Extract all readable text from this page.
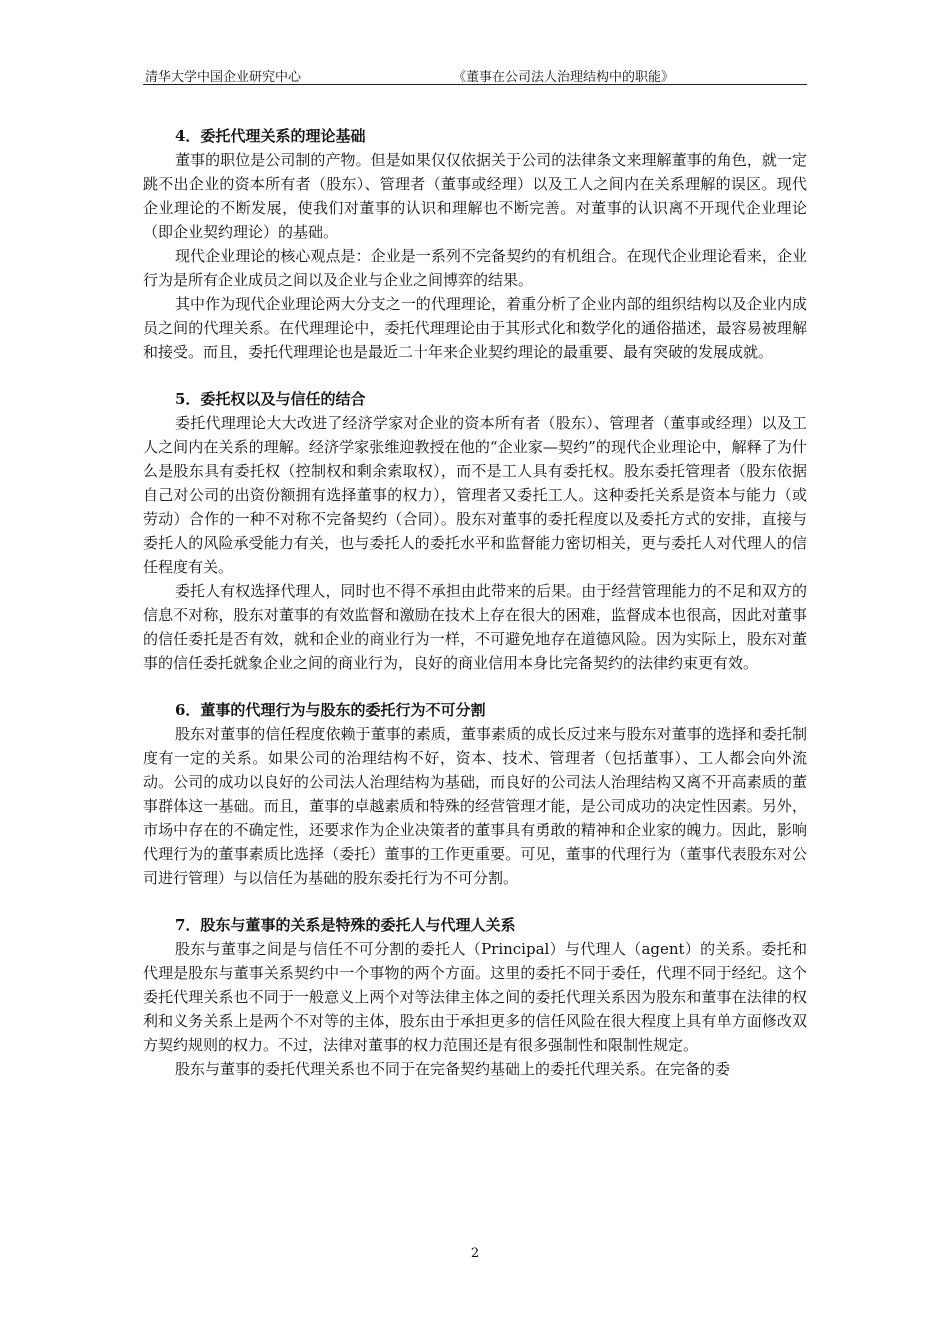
清华大学中国企业研究中心	《董事在公司法人治理结构中的职能》
4．委托代理关系的理论基础

董事的职位是公司制的产物。但是如果仅仅依据关于公司的法律条文来理解董事的角色，就一定跳不出企业的资本所有者（股东）、管理者（董事或经理）以及工人之间内在关系理解的误区。现代企业理论的不断发展，使我们对董事的认识和理解也不断完善。对董事的认识离不开现代企业理论（即企业契约理论）的基础。

现代企业理论的核心观点是：企业是一系列不完备契约的有机组合。在现代企业理论看来，企业行为是所有企业成员之间以及企业与企业之间博弈的结果。

其中作为现代企业理论两大分支之一的代理理论，着重分析了企业内部的组织结构以及企业内成员之间的代理关系。在代理理论中，委托代理理论由于其形式化和数学化的通俗描述，最容易被理解和接受。而且，委托代理理论也是最近二十年来企业契约理论的最重要、最有突破的发展成就。

5．委托权以及与信任的结合

委托代理理论大大改进了经济学家对企业的资本所有者（股东）、管理者（董事或经理）以及工人之间内在关系的理解。经济学家张维迎教授在他的“企业家—契约”的现代企业理论中，解释了为什么是股东具有委托权（控制权和剩余索取权），而不是工人具有委托权。股东委托管理者（股东依据自己对公司的出资份额拥有选择董事的权力），管理者又委托工人。这种委托关系是资本与能力（或劳动）合作的一种不对称不完备契约（合同）。股东对董事的委托程度以及委托方式的安排，直接与委托人的风险承受能力有关，也与委托人的委托水平和监督能力密切相关，更与委托人对代理人的信任程度有关。

委托人有权选择代理人，同时也不得不承担由此带来的后果。由于经营管理能力的不足和双方的信息不对称，股东对董事的有效监督和激励在技术上存在很大的困难，监督成本也很高，因此对董事的信任委托是否有效，就和企业的商业行为一样，不可避免地存在道德风险。因为实际上，股东对董事的信任委托就象企业之间的商业行为，良好的商业信用本身比完备契约的法律约束更有效。

6．董事的代理行为与股东的委托行为不可分割

股东对董事的信任程度依赖于董事的素质，董事素质的成长反过来与股东对董事的选择和委托制度有一定的关系。如果公司的治理结构不好，资本、技术、管理者（包括董事）、工人都会向外流动。公司的成功以良好的公司法人治理结构为基础，而良好的公司法人治理结构又离不开高素质的董事群体这一基础。而且，董事的卓越素质和特殊的经营管理才能，是公司成功的决定性因素。另外，市场中存在的不确定性，还要求作为企业决策者的董事具有勇敢的精神和企业家的魄力。因此，影响代理行为的董事素质比选择（委托）董事的工作更重要。可见，董事的代理行为（董事代表股东对公司进行管理）与以信任为基础的股东委托行为不可分割。

7．股东与董事的关系是特殊的委托人与代理人关系

股东与董事之间是与信任不可分割的委托人（Principal）与代理人（agent）的关系。委托和代理是股东与董事关系契约中一个事物的两个方面。这里的委托不同于委任，代理不同于经纪。这个委托代理关系也不同于一般意义上两个对等法律主体之间的委托代理关系因为股东和董事在法律的权利和义务关系上是两个不对等的主体，股东由于承担更多的信任风险在很大程度上具有单方面修改双方契约规则的权力。不过，法律对董事的权力范围还是有很多强制性和限制性规定。

股东与董事的委托代理关系也不同于在完备契约基础上的委托代理关系。在完备的委

2
